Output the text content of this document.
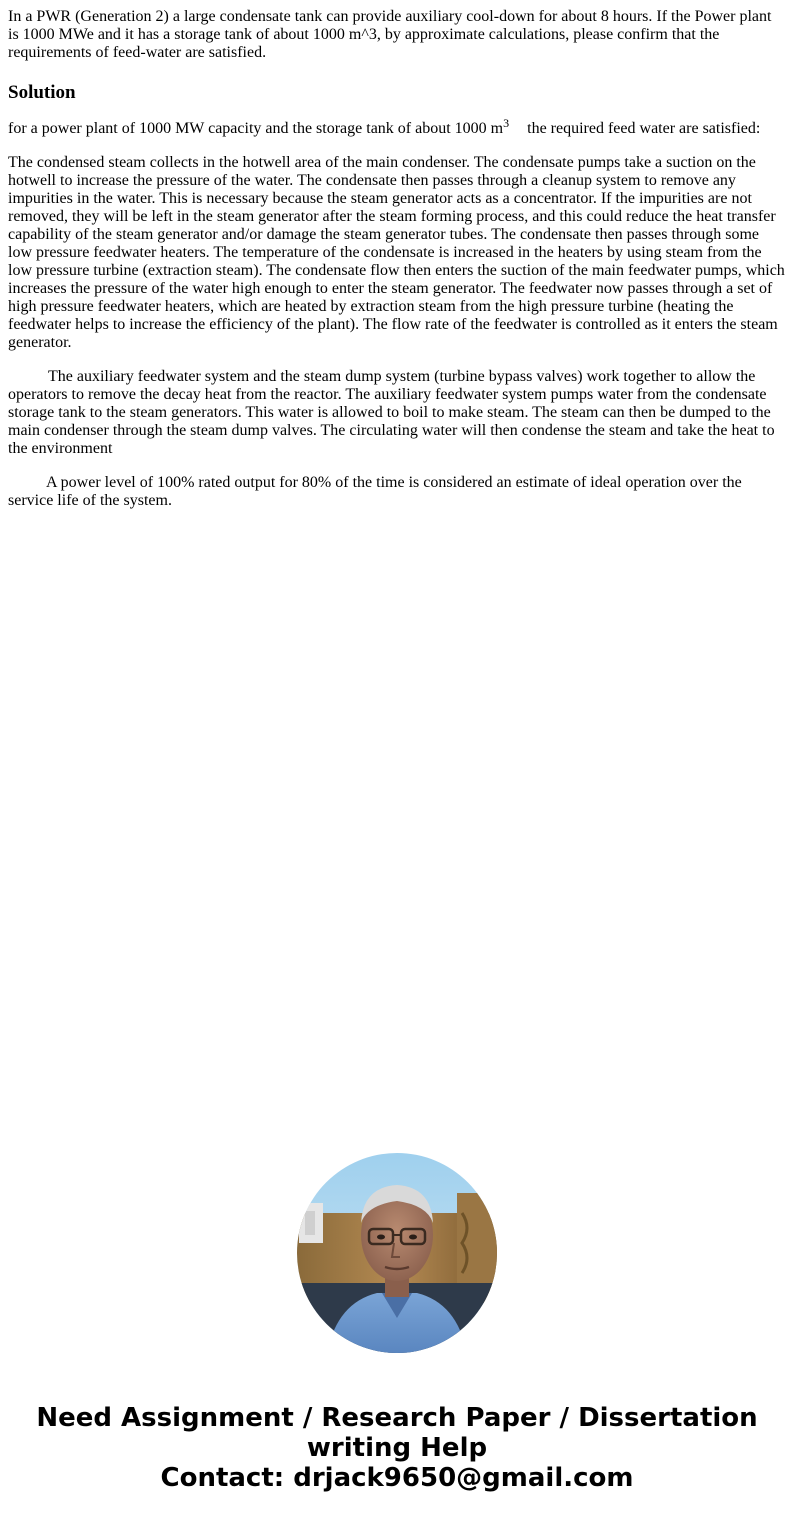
In a PWR (Generation 2) a large condensate tank can provide auxiliary cool-down for about 8 hours. If the Power plant is 1000 MWe and it has a storage tank of about 1000 m^3, by approximate calculations, please confirm that the requirements of feed-water are satisfied.

Solution

for a power plant of 1000 MW capacity and the storage tank of about 1000 $m^3$ the required feed water are satisfied:

The condensed steam collects in the hotwell area of the main condenser. The condensate pumps take a suction on the hotwell to increase the pressure of the water. The condensate then passes through a cleanup system to remove any impurities in the water. This is necessary because the steam generator acts as a concentrator. If the impurities are not removed, they will be left in the steam generator after the steam forming process, and this could reduce the heat transfer capability of the steam generator and/or damage the steam generator tubes. The condensate then passes through some low pressure feedwater heaters. The temperature of the condensate is increased in the heaters by using steam from the low pressure turbine (extraction steam). The condensate flow then enters the suction of the main feedwater pumps, which increases the pressure of the water high enough to enter the steam generator. The feedwater now passes through a set of high pressure feedwater heaters, which are heated by extraction steam from the high pressure turbine (heating the feedwater helps to increase the efficiency of the plant). The flow rate of the feedwater is controlled as it enters the steam generator.

The auxiliary feedwater system and the steam dump system (turbine bypass valves) work together to allow the operators to remove the decay heat from the reactor. The auxiliary feedwater system pumps water from the condensate storage tank to the steam generators. This water is allowed to boil to make steam. The steam can then be dumped to the main condenser through the steam dump valves. The circulating water will then condense the steam and take the heat to the environment

A power level of 100% rated output for 80% of the time is considered an estimate of ideal operation over the service life of the system.

Need Assignment / Research Paper / Dissertation
writing Help
Contact: drjack9650@gmail.com
